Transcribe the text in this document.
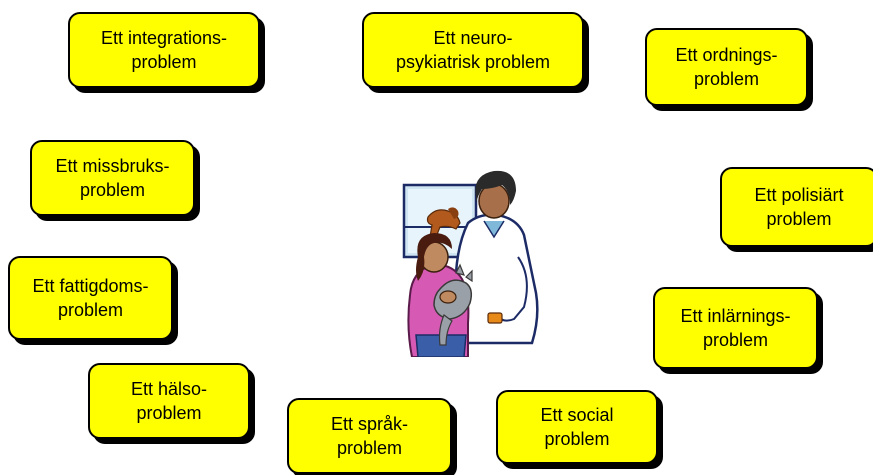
Ett integrations-
problem
Ett neuro-
psykiatrisk problem	Ett ordnings-
problem
Ett missbruks-
problem
Ett fattigdoms-
problem
Ett hälso-
problem
Ett polisiärt
problem
Ett inlärnings-
problem
Ett språk-
problem
Ett social
problem
